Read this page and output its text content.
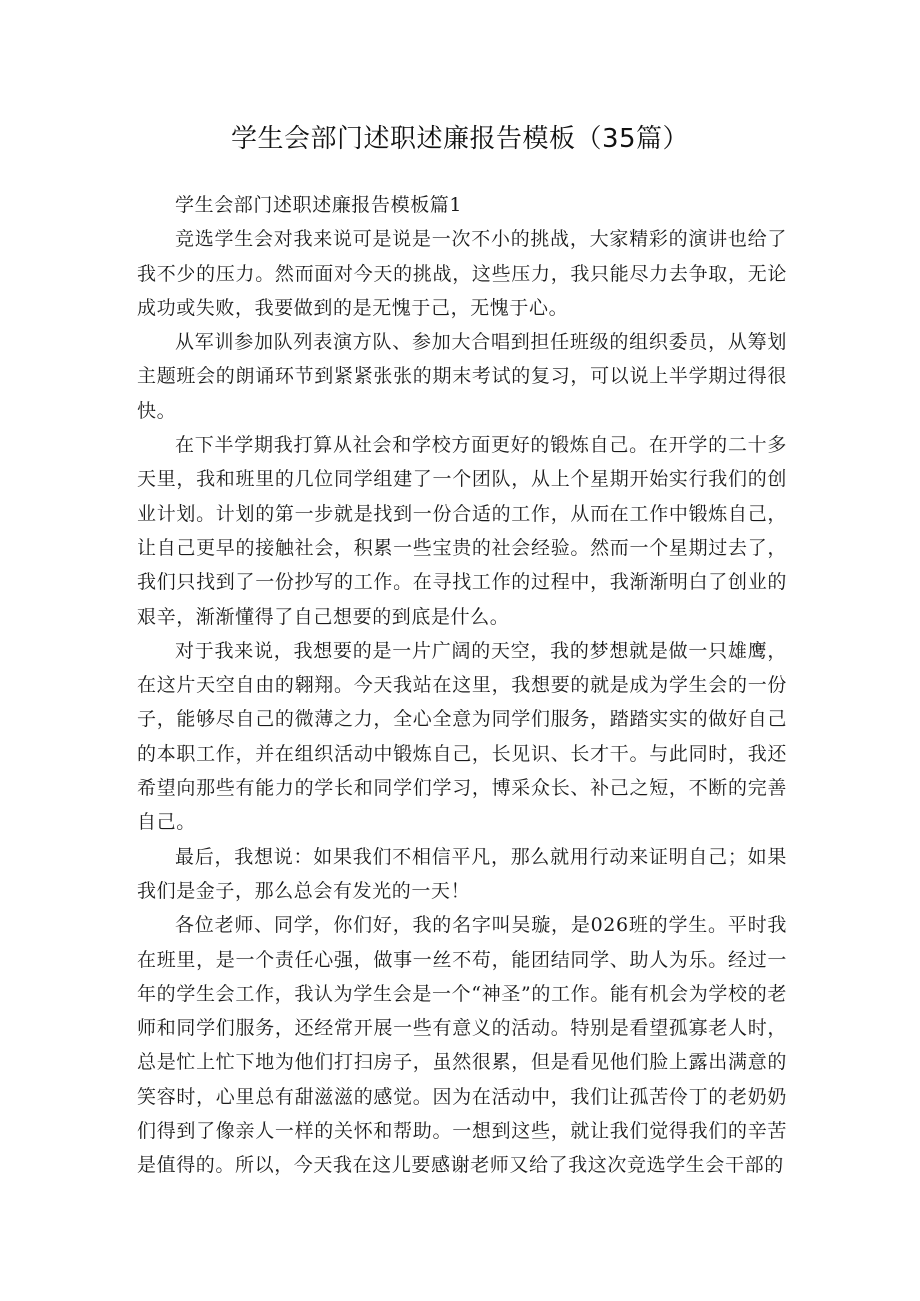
学生会部门述职述廉报告模板（35篇）

学生会部门述职述廉报告模板篇1

竞选学生会对我来说可是说是一次不小的挑战，大家精彩的演讲也给了我不少的压力。然而面对今天的挑战，这些压力，我只能尽力去争取，无论成功或失败，我要做到的是无愧于己，无愧于心。

从军训参加队列表演方队、参加大合唱到担任班级的组织委员，从筹划主题班会的朗诵环节到紧紧张张的期末考试的复习，可以说上半学期过得很快。

在下半学期我打算从社会和学校方面更好的锻炼自己。在开学的二十多天里，我和班里的几位同学组建了一个团队，从上个星期开始实行我们的创业计划。计划的第一步就是找到一份合适的工作，从而在工作中锻炼自己，让自己更早的接触社会，积累一些宝贵的社会经验。然而一个星期过去了，我们只找到了一份抄写的工作。在寻找工作的过程中，我渐渐明白了创业的艰辛，渐渐懂得了自己想要的到底是什么。

对于我来说，我想要的是一片广阔的天空，我的梦想就是做一只雄鹰，在这片天空自由的翱翔。今天我站在这里，我想要的就是成为学生会的一份子，能够尽自己的微薄之力，全心全意为同学们服务，踏踏实实的做好自己的本职工作，并在组织活动中锻炼自己，长见识、长才干。与此同时，我还希望向那些有能力的学长和同学们学习，博采众长、补己之短，不断的完善自己。

最后，我想说：如果我们不相信平凡，那么就用行动来证明自己；如果我们是金子，那么总会有发光的一天！

各位老师、同学，你们好，我的名字叫吴璇，是026班的学生。平时我在班里，是一个责任心强，做事一丝不苟，能团结同学、助人为乐。经过一年的学生会工作，我认为学生会是一个“神圣”的工作。能有机会为学校的老师和同学们服务，还经常开展一些有意义的活动。特别是看望孤寡老人时，总是忙上忙下地为他们打扫房子，虽然很累，但是看见他们脸上露出满意的笑容时，心里总有甜滋滋的感觉。因为在活动中，我们让孤苦伶丁的老奶奶们得到了像亲人一样的关怀和帮助。一想到这些，就让我们觉得我们的辛苦是值得的。所以，今天我在这儿要感谢老师又给了我这次竞选学生会干部的
